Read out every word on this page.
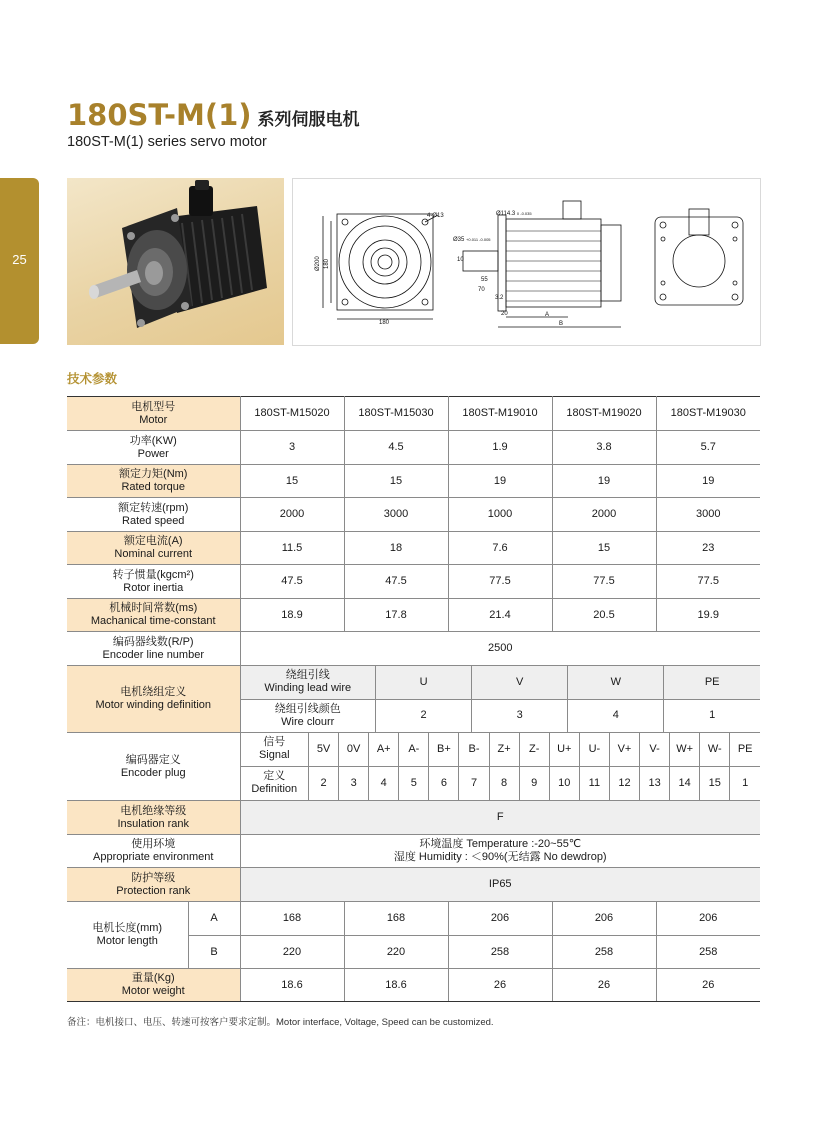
25
180ST-M(1) 系列伺服电机
180ST-M(1) series servo motor
4-Ø13
Ø200 180
180
Ø114.3 0 -0.035
Ø35 +0.011 -0.005
10
55
70
3.2
20	A
B
技术参数
电机型号
Motor
	180ST-M15020	180ST-M15030	180ST-M19010	180ST-M19020	180ST-M19030

功率(KW)
Power
	3	4.5	1.9	3.8	5.7

额定力矩(Nm)
Rated torque
	15	15	19	19	19

额定转速(rpm)
Rated speed
	2000	3000	1000	2000	3000

额定电流(A)
Nominal current
	11.5	18	7.6	15	23

转子惯量(kgcm²)
Rotor inertia
	47.5	47.5	77.5	77.5	77.5

机械时间常数(ms)
Machanical time-constant
	18.9	17.8	21.4	20.5	19.9

编码器线数(R/P)
Encoder line number
	2500

电机绕组定义
Motor winding definition

绕组引线
Winding lead wire
	U	V	W	PE

绕组引线颜色
Wire clourr
	2	3	4	1

编码器定义
Encoder plug

信号
Signal
	5V	0V	A+	A-	B+	B-	Z+	Z-	U+	U-	V+	V-	W+	W-	PE

定义
Definition
	2	3	4	5	6	7	8	9	10	11	12	13	14	15	1

电机绝缘等级
Insulation rank
	F

使用环境
Appropriate environment

环境温度 Temperature :-20~55℃
湿度 Humidity : ＜90%(无结露 No dewdrop)

防护等级
Protection rank
	IP65

电机长度(mm)
Motor length
	A	168	168	206	206	206
B	220	220	258	258	258

重量(Kg)
Motor weight
	18.6	18.6	26	26	26
备注：电机接口、电压、转速可按客户要求定制。Motor interface, Voltage, Speed can be customized.
